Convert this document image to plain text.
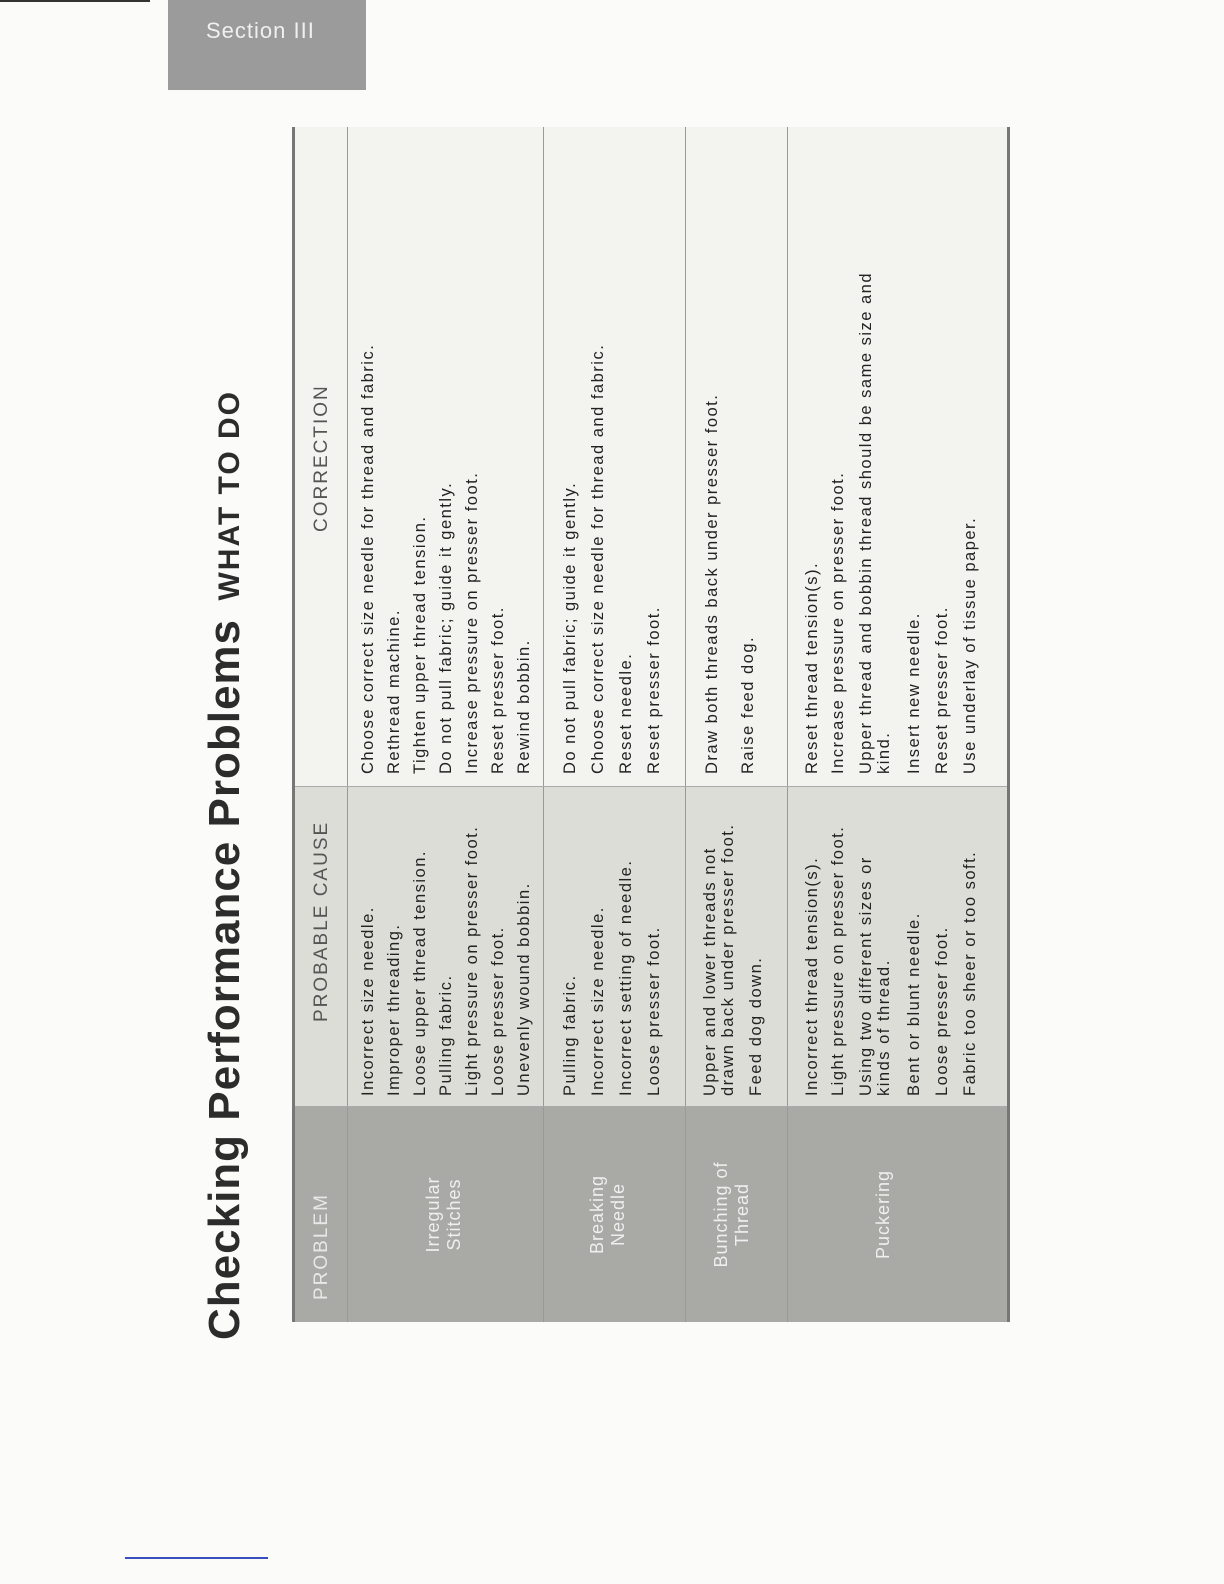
Section III
Checking Performance Problems WHAT TO DO
PROBLEM
PROBABLE CAUSE
CORRECTION
Irregular Stitches
Incorrect size needle. Improper threading. Loose upper thread tension. Pulling fabric. Light pressure on presser foot. Loose presser foot. Unevenly wound bobbin.
Choose correct size needle for thread and fabric. Rethread machine. Tighten upper thread tension. Do not pull fabric; guide it gently. Increase pressure on presser foot. Reset presser foot. Rewind bobbin.
Breaking Needle
Pulling fabric. Incorrect size needle. Incorrect setting of needle. Loose presser foot.
Do not pull fabric; guide it gently. Choose correct size needle for thread and fabric. Reset needle. Reset presser foot.
Bunching of Thread
Upper and lower threads not drawn back under presser foot. Feed dog down.
Draw both threads back under presser foot. Raise feed dog.
Puckering
Incorrect thread tension(s). Light pressure on presser foot. Using two different sizes or kinds of thread. Bent or blunt needle. Loose presser foot. Fabric too sheer or too soft.
Reset thread tension(s). Increase pressure on presser foot. Upper thread and bobbin thread should be same size and kind. Insert new needle. Reset presser foot. Use underlay of tissue paper.
